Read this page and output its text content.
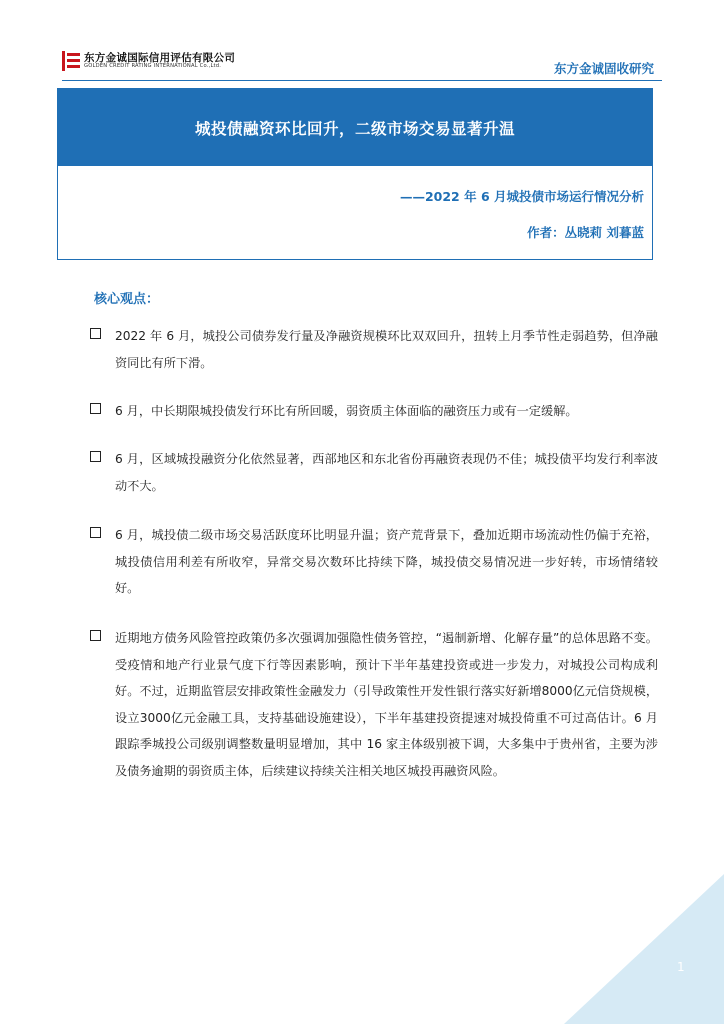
东方金诚国际信用评估有限公司
GOLDEN CREDIT RATING INTERNATIONAL Co.,Ltd.	东方金诚固收研究
城投债融资环比回升，二级市场交易显著升温
——2022 年 6 月城投债市场运行情况分析
作者：丛晓莉 刘暮蓝
核心观点：
2022 年 6 月，城投公司债券发行量及净融资规模环比双双回升，扭转上月季节性走弱趋势，但净融资同比有所下滑。
6 月，中长期限城投债发行环比有所回暖，弱资质主体面临的融资压力或有一定缓解。
6 月，区域城投融资分化依然显著，西部地区和东北省份再融资表现仍不佳；城投债平均发行利率波动不大。
6 月，城投债二级市场交易活跃度环比明显升温；资产荒背景下，叠加近期市场流动性仍偏于充裕，城投债信用利差有所收窄，异常交易次数环比持续下降，城投债交易情况进一步好转，市场情绪较好。
近期地方债务风险管控政策仍多次强调加强隐性债务管控，“遏制新增、化解存量”的总体思路不变。受疫情和地产行业景气度下行等因素影响，预计下半年基建投资或进一步发力，对城投公司构成利好。不过，近期监管层安排政策性金融发力（引导政策性开发性银行落实好新增8000亿元信贷规模，设立3000亿元金融工具，支持基础设施建设），下半年基建投资提速对城投倚重不可过高估计。6 月跟踪季城投公司级别调整数量明显增加，其中 16 家主体级别被下调，大多集中于贵州省，主要为涉及债务逾期的弱资质主体，后续建议持续关注相关地区城投再融资风险。
1
